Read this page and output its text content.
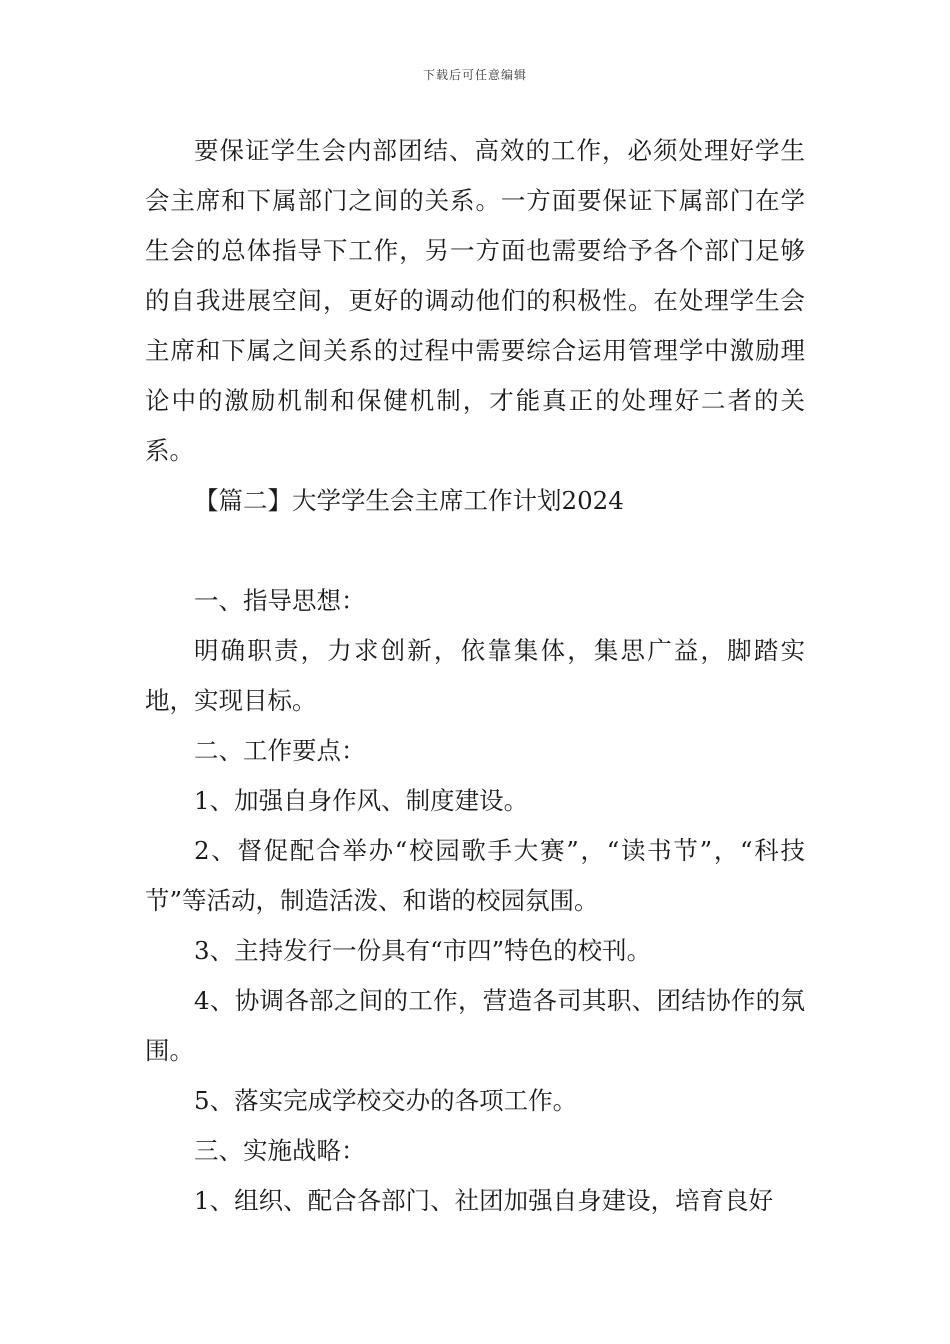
下载后可任意编辑

要保证学生会内部团结、高效的工作，必须处理好学生会主席和下属部门之间的关系。一方面要保证下属部门在学生会的总体指导下工作，另一方面也需要给予各个部门足够的自我进展空间，更好的调动他们的积极性。在处理学生会主席和下属之间关系的过程中需要综合运用管理学中激励理论中的激励机制和保健机制，才能真正的处理好二者的关系。

【篇二】大学学生会主席工作计划2024

一、指导思想：

明确职责，力求创新，依靠集体，集思广益，脚踏实地，实现目标。

二、工作要点：

1、加强自身作风、制度建设。

2、督促配合举办“校园歌手大赛”，“读书节”，“科技节”等活动，制造活泼、和谐的校园氛围。

3、主持发行一份具有“市四”特色的校刊。

4、协调各部之间的工作，营造各司其职、团结协作的氛围。

5、落实完成学校交办的各项工作。

三、实施战略：

1、组织、配合各部门、社团加强自身建设，培育良好
